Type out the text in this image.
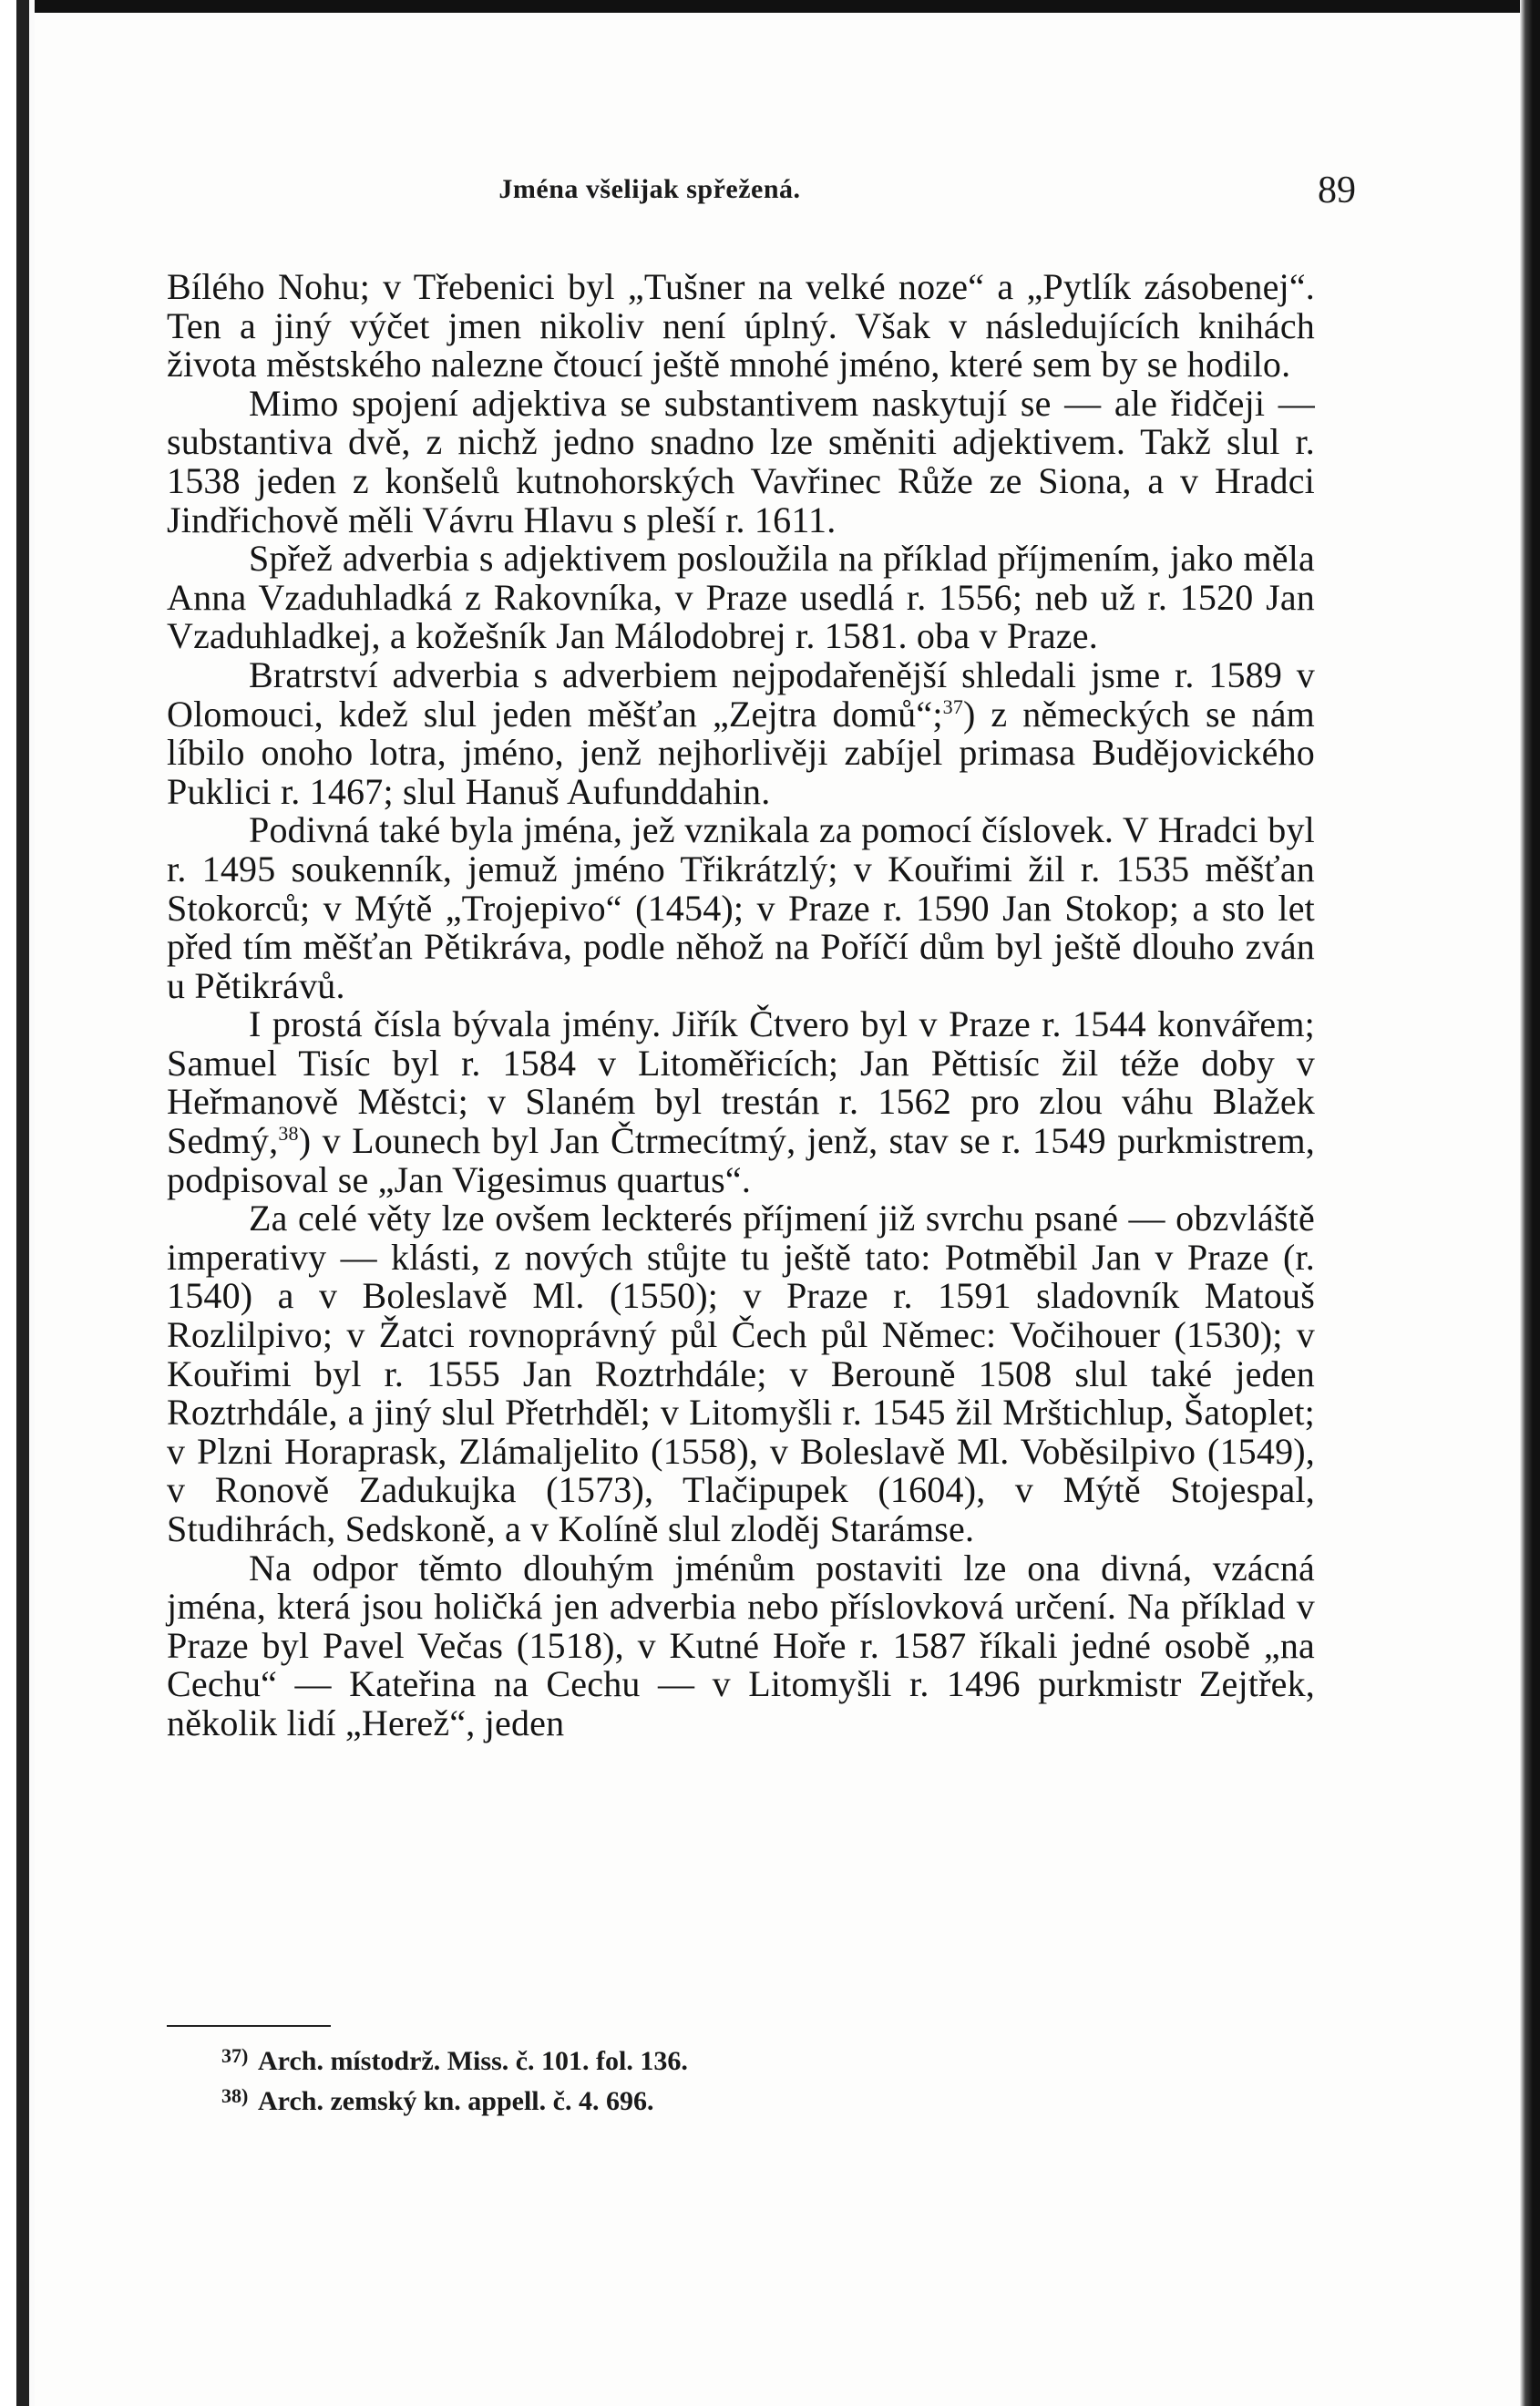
Jména všelijak spřežená.	89

Bílého Nohu; v Třebenici byl „Tušner na velké noze“ a „Pytlík zásobenej“. Ten a jiný výčet jmen nikoliv není úplný. Však v následujících knihách života městského nalezne čtoucí ještě mnohé jméno, které sem by se hodilo.

Mimo spojení adjektiva se substantivem naskytují se — ale řidčeji — substantiva dvě, z nichž jedno snadno lze směniti adjektivem. Takž slul r. 1538 jeden z konšelů kutnohorských Vavřinec Růže ze Siona, a v Hradci Jindřichově měli Vávru Hlavu s pleší r. 1611.

Spřež adverbia s adjektivem posloužila na příklad příjmením, jako měla Anna Vzaduhladká z Rakovníka, v Praze usedlá r. 1556; neb už r. 1520 Jan Vzaduhladkej, a kožešník Jan Málodobrej r. 1581. oba v Praze.

Bratrství adverbia s adverbiem nejpodařenější shledali jsme r. 1589 v Olomouci, kdež slul jeden měšťan „Zejtra domů“;$^{37}$) z německých se nám líbilo onoho lotra, jméno, jenž nejhorlivěji zabíjel primasa Budějovického Puklici r. 1467; slul Hanuš Aufunddahin.

Podivná také byla jména, jež vznikala za pomocí číslovek. V Hradci byl r. 1495 soukenník, jemuž jméno Třikrátzlý; v Kouřimi žil r. 1535 měšťan Stokorců; v Mýtě „Trojepivo“ (1454); v Praze r. 1590 Jan Stokop; a sto let před tím měšťan Pětikráva, podle něhož na Poříčí dům byl ještě dlouho zván u Pětikrávů.

I prostá čísla bývala jmény. Jiřík Čtvero byl v Praze r. 1544 konvářem; Samuel Tisíc byl r. 1584 v Litoměřicích; Jan Pěttisíc žil téže doby v Heřmanově Městci; v Slaném byl trestán r. 1562 pro zlou váhu Blažek Sedmý,$^{38}$) v Lounech byl Jan Čtrmecítmý, jenž, stav se r. 1549 purkmistrem, podpisoval se „Jan Vigesimus quartus“.

Za celé věty lze ovšem leckterés příjmení již svrchu psané — obzvláště imperativy — klásti, z nových stůjte tu ještě tato: Potměbil Jan v Praze (r. 1540) a v Boleslavě Ml. (1550); v Praze r. 1591 sladovník Matouš Rozlilpivo; v Žatci rovnoprávný půl Čech půl Němec: Vočihouer (1530); v Kouřimi byl r. 1555 Jan Roztrhdále; v Berouně 1508 slul také jeden Roztrhdále, a jiný slul Přetrhděl; v Litomyšli r. 1545 žil Mrštichlup, Šatoplet; v Plzni Horaprask, Zlámaljelito (1558), v Boleslavě Ml. Voběsilpivo (1549), v Ronově Zadukujka (1573), Tlačipupek (1604), v Mýtě Stojespal, Studihrách, Sedskoně, a v Kolíně slul zloděj Starámse.

Na odpor těmto dlouhým jménům postaviti lze ona divná, vzácná jména, která jsou holičká jen adverbia nebo příslovková určení. Na příklad v Praze byl Pavel Večas (1518), v Kutné Hoře r. 1587 říkali jedné osobě „na Cechu“ — Kateřina na Cechu — v Litomyšli r. 1496 purkmistr Zejtřek, několik lidí „Herež“, jeden

37) Arch. místodrž. Miss. č. 101. fol. 136.
38) Arch. zemský kn. appell. č. 4. 696.
